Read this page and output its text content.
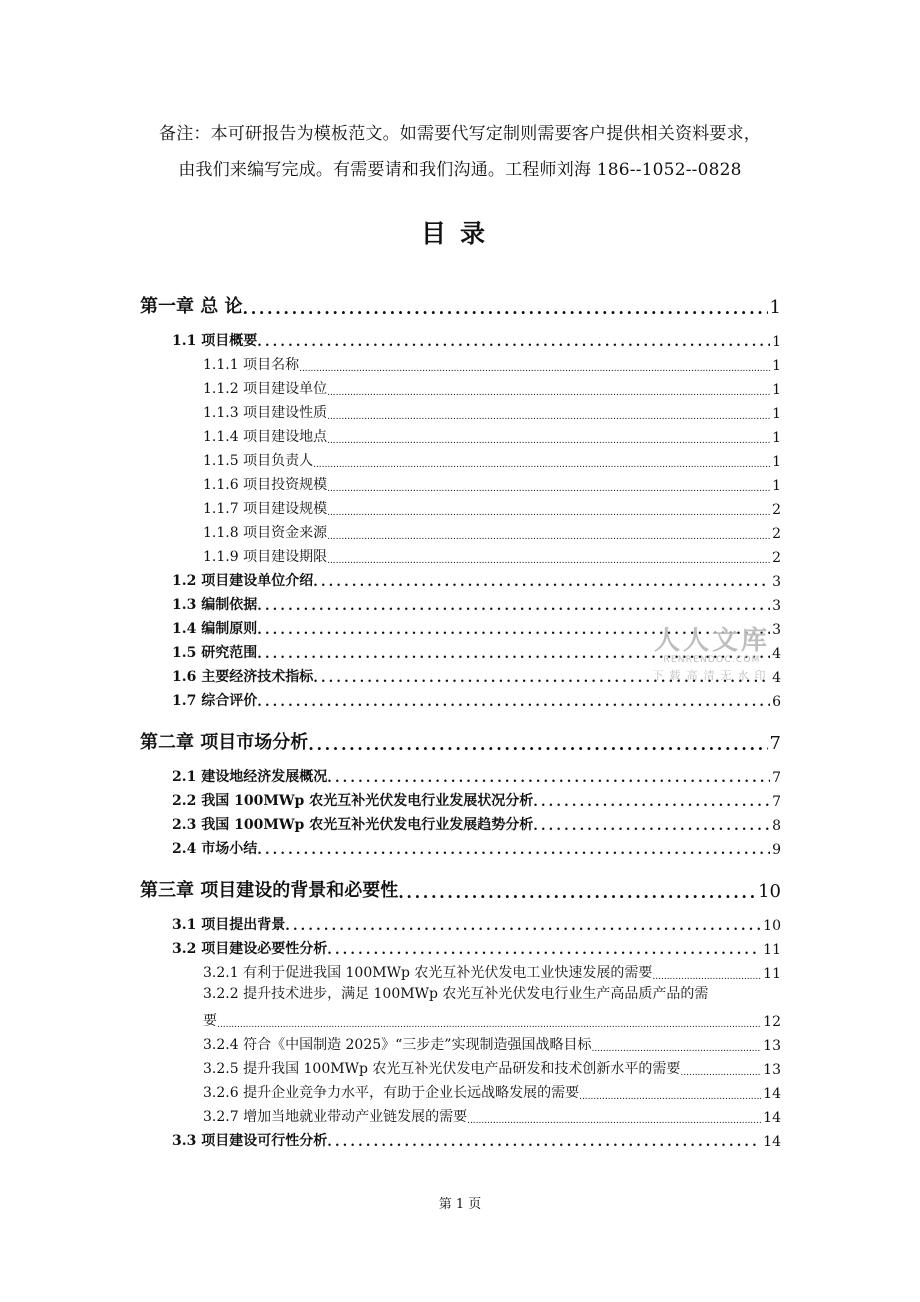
备注：本可研报告为模板范文。如需要代写定制则需要客户提供相关资料要求，
由我们来编写完成。有需要请和我们沟通。工程师刘海 186--1052--0828
目录
第一章 总 论 .....	1
1.1 项目概要 .....	1
1.1.1 项目名称 .....	1
1.1.2 项目建设单位 .....	1
1.1.3 项目建设性质 .....	1
1.1.4 项目建设地点 .....	1
1.1.5 项目负责人 .....	1
1.1.6 项目投资规模 .....	1
1.1.7 项目建设规模 .....	2
1.1.8 项目资金来源 .....	2
1.1.9 项目建设期限 .....	2
1.2 项目建设单位介绍 .....	3
1.3 编制依据 .....	3
1.4 编制原则 .....	3
1.5 研究范围 .....	4
1.6 主要经济技术指标 .....	4
1.7 综合评价 .....	6
第二章 项目市场分析 .....	7
2.1 建设地经济发展概况 .....	7
2.2 我国 100MWp 农光互补光伏发电行业发展状况分析 .....	7
2.3 我国 100MWp 农光互补光伏发电行业发展趋势分析 .....	8
2.4 市场小结 .....	9
第三章 项目建设的背景和必要性 .....	10
3.1 项目提出背景 .....	10
3.2 项目建设必要性分析 .....	11
3.2.1 有利于促进我国 100MWp 农光互补光伏发电工业快速发展的需要 .....	11
3.2.2 提升技术进步，满足 100MWp 农光互补光伏发电行业生产高品质产品的需
要 .....	12
3.2.4 符合《中国制造 2025》“三步走”实现制造强国战略目标 .....	13
3.2.5 提升我国 100MWp 农光互补光伏发电产品研发和技术创新水平的需要 .....	13
3.2.6 提升企业竞争力水平，有助于企业长远战略发展的需要 .....	14
3.2.7 增加当地就业带动产业链发展的需要 .....	14
3.3 项目建设可行性分析 .....	14
人人文库
RENRENDOC.COM
下载高清无水印
第 1 页
